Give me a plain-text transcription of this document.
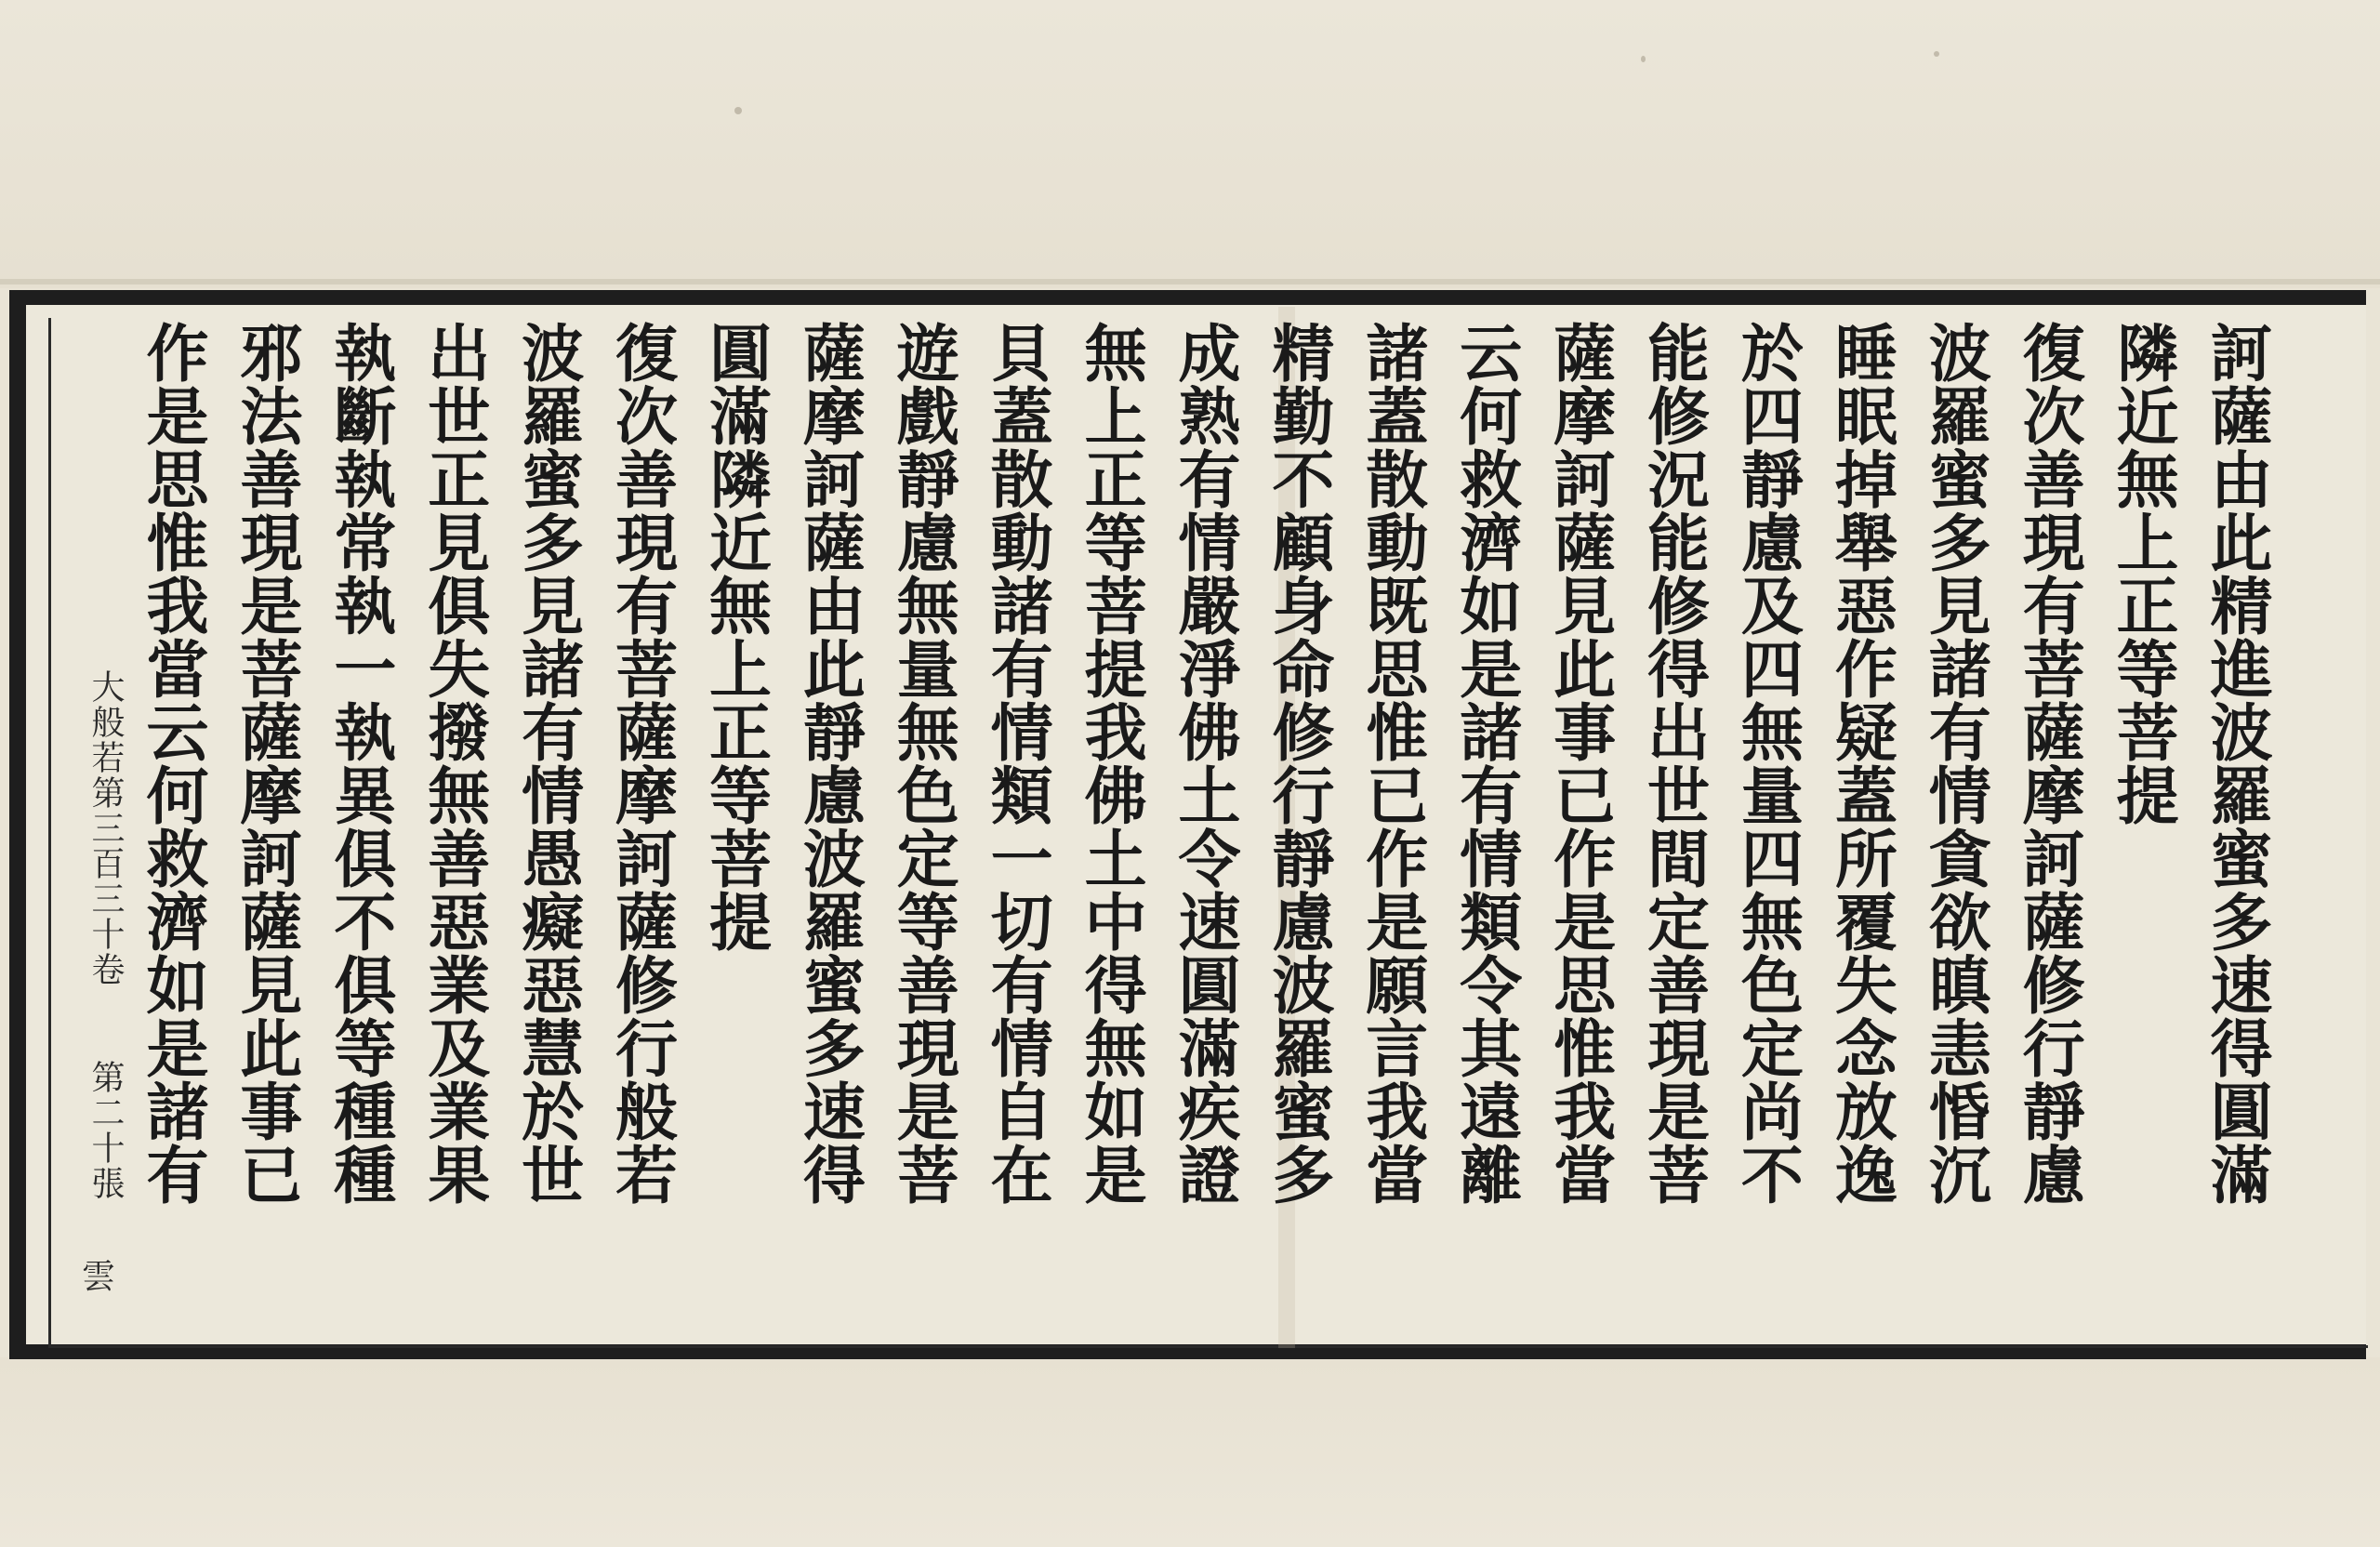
訶薩由此精進波羅蜜多速得圓滿
隣近無上正等菩提
復次善現有菩薩摩訶薩修行靜慮
波羅蜜多見諸有情貪欲瞋恚惛沉
睡眠掉舉惡作疑蓋所覆失念放逸
於四靜慮及四無量四無色定尚不
能修況能修得出世間定善現是菩
薩摩訶薩見此事已作是思惟我當
云何救濟如是諸有情類令其遠離
諸蓋散動既思惟已作是願言我當
精勤不顧身命修行靜慮波羅蜜多
成熟有情嚴淨佛土令速圓滿疾證
無上正等菩提我佛土中得無如是
貝蓋散動諸有情類一切有情自在
遊戲靜慮無量無色定等善現是菩
薩摩訶薩由此靜慮波羅蜜多速得
圓滿隣近無上正等菩提
復次善現有菩薩摩訶薩修行般若
波羅蜜多見諸有情愚癡惡慧於世
出世正見俱失撥無善惡業及業果
執斷執常執一執異俱不俱等種種
邪法善現是菩薩摩訶薩見此事已
作是思惟我當云何救濟如是諸有
大般若第三百三十卷
第二十張
雲
